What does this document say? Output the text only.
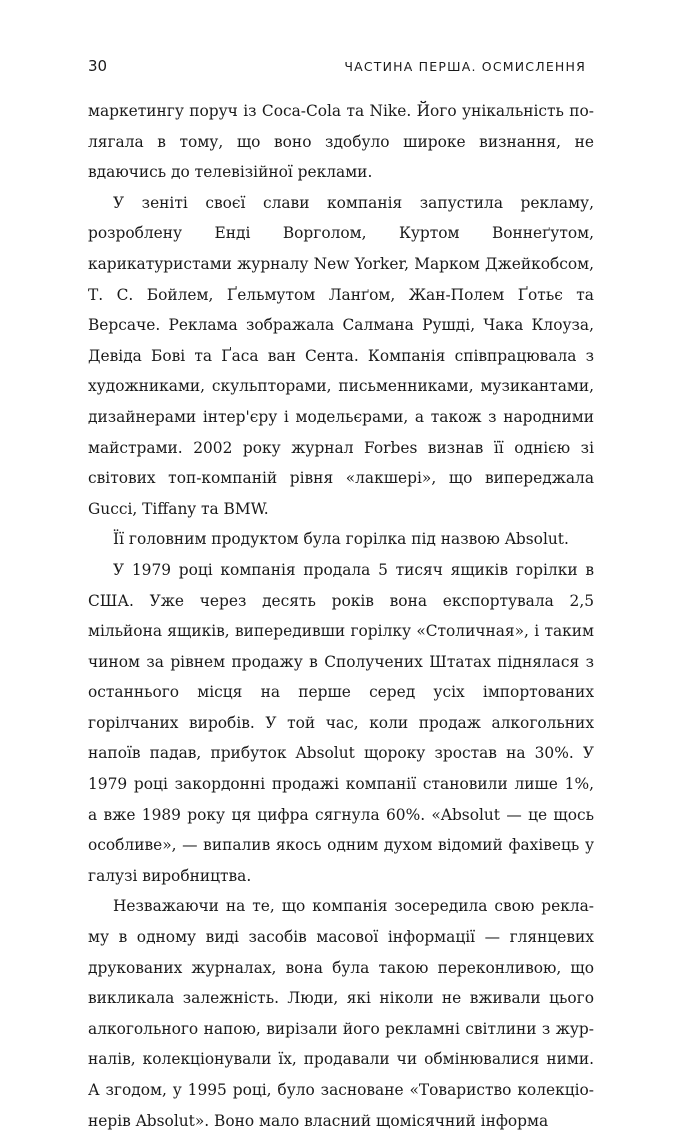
30	ЧАСТИНА ПЕРША. ОСМИСЛЕННЯ

маркетингу поруч із Coca-Cola та Nike. Його унікальність полягала в тому, що воно здобуло широке визнання, не вдаючись до телевізійної реклами.

У зеніті своєї слави компанія запустила рекламу, розроблену Енді Ворголом, Куртом Воннеґутом, карикатуристами журналу New Yorker, Марком Джейкобсом, Т. С. Бойлем, Ґельмутом Ланґом, Жан-Полем Ґотьє та Версаче. Реклама зображала Салмана Рушді, Чака Клоуза, Девіда Бові та Ґаса ван Сента. Компанія співпрацювала з художниками, скульпторами, письменниками, музикантами, дизайнерами інтер'єру і модельєрами, а також з народними майстрами. 2002 року журнал Forbes визнав її однією зі світових топ-компаній рівня «лакшері», що випереджала Gucci, Tiffany та BMW.

Її головним продуктом була горілка під назвою Absolut.

У 1979 році компанія продала 5 тисяч ящиків горілки в США. Уже через десять років вона експортувала 2,5 мільйона ящиків, випередивши горілку «Столичная», і таким чином за рівнем продажу в Сполучених Штатах піднялася з останнього місця на перше серед усіх імпортованих горілчаних виробів. У той час, коли продаж алкогольних напоїв падав, прибуток Absolut щороку зростав на 30%. У 1979 році закордонні продажі компанії становили лише 1%, а вже 1989 року ця цифра сягнула 60%. «Absolut — це щось особливе», — випалив якось одним духом відомий фахівець у галузі виробництва.

Незважаючи на те, що компанія зосередила свою рекламу в одному виді засобів масової інформації — глянцевих друкованих журналах, вона була такою переконливою, що викликала залежність. Люди, які ніколи не вживали цього алкогольного напою, вирізали його рекламні світлини з журналів, колекціонували їх, продавали чи обмінювалися ними. А згодом, у 1995 році, було засноване «Товариство колекціонерів Absolut». Воно мало власний щомісячний інформа
